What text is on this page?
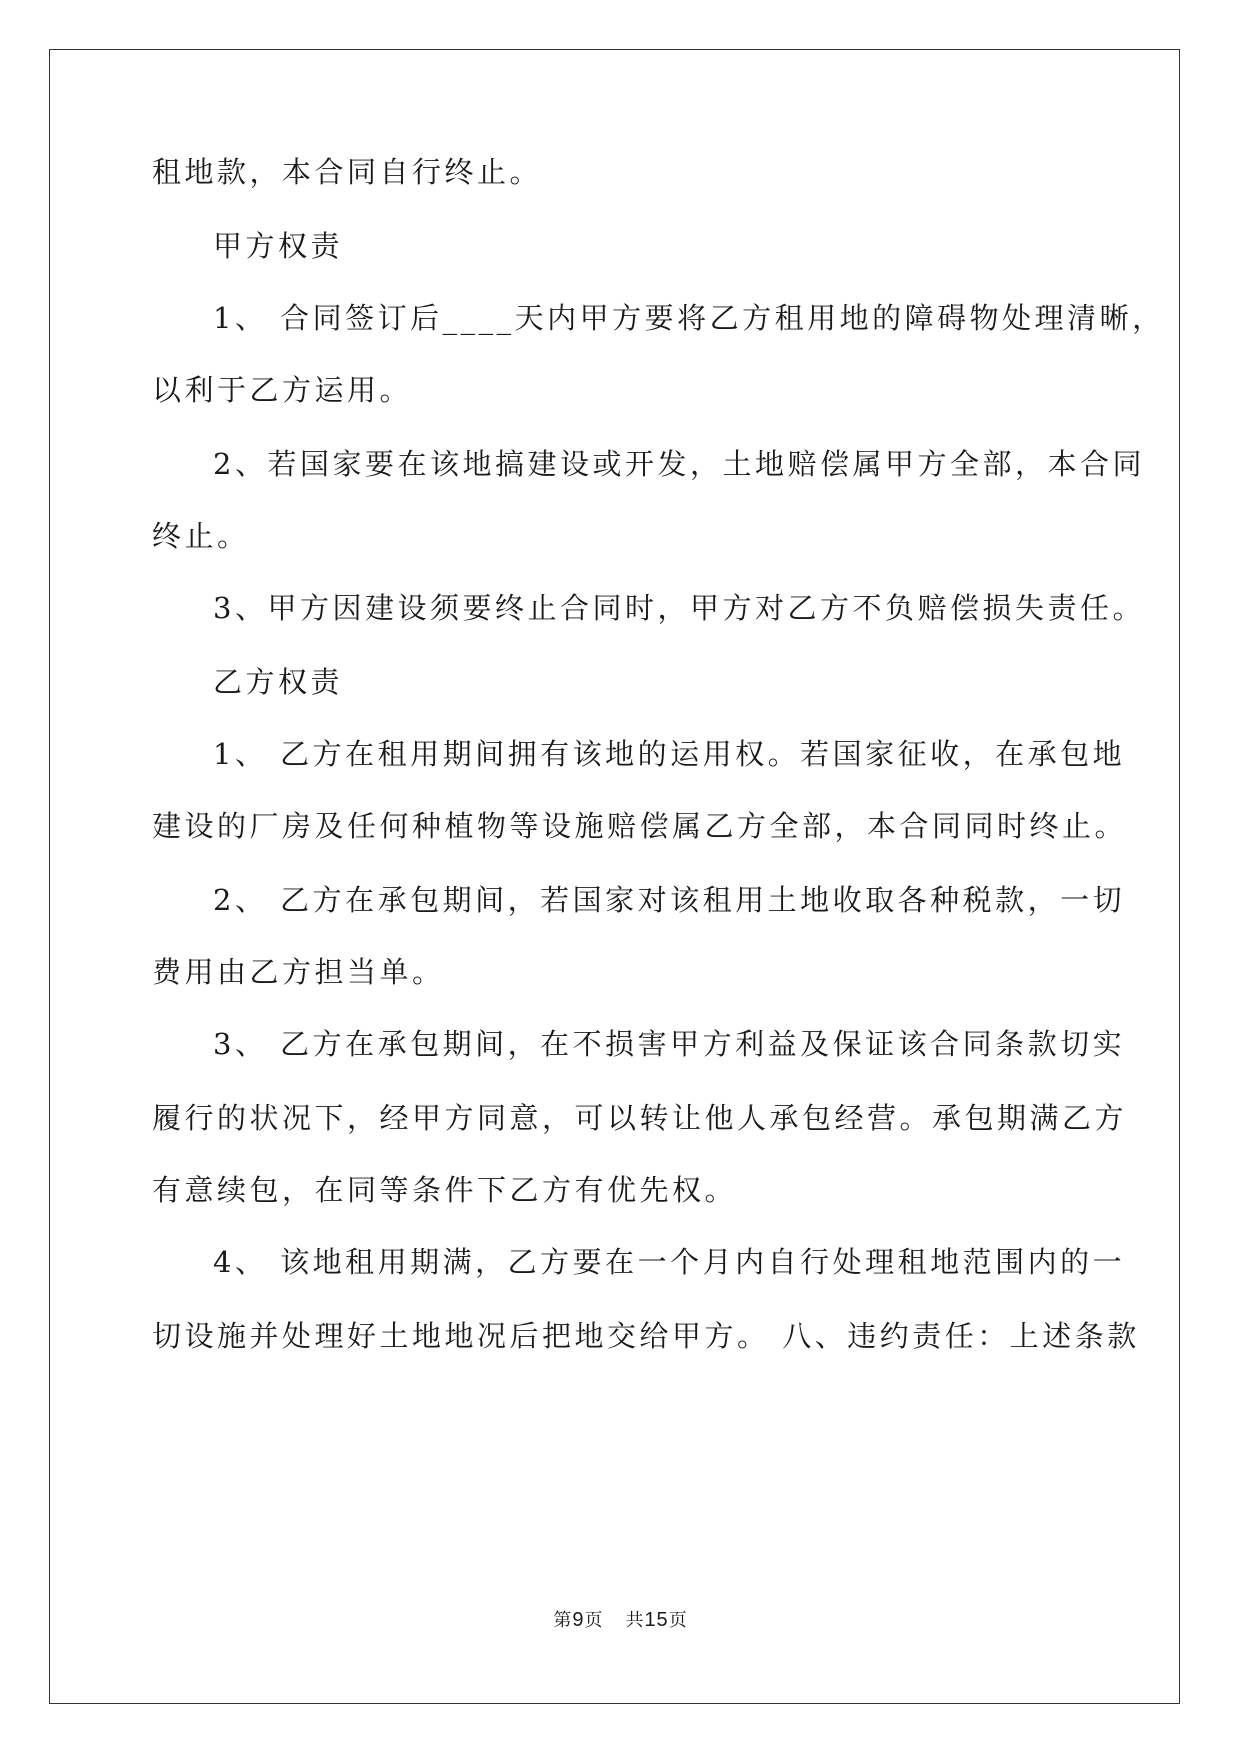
租地款，本合同自行终止。
甲方权责
1、 合同签订后____天内甲方要将乙方租用地的障碍物处理清晰，
以利于乙方运用。
2、若国家要在该地搞建设或开发，土地赔偿属甲方全部，本合同
终止。
3、甲方因建设须要终止合同时，甲方对乙方不负赔偿损失责任。
乙方权责
1、 乙方在租用期间拥有该地的运用权。若国家征收，在承包地
建设的厂房及任何种植物等设施赔偿属乙方全部，本合同同时终止。
2、 乙方在承包期间，若国家对该租用土地收取各种税款，一切
费用由乙方担当单。
3、 乙方在承包期间，在不损害甲方利益及保证该合同条款切实
履行的状况下，经甲方同意，可以转让他人承包经营。承包期满乙方
有意续包，在同等条件下乙方有优先权。
4、 该地租用期满，乙方要在一个月内自行处理租地范围内的一
切设施并处理好土地地况后把地交给甲方。 八、违约责任：上述条款
第9页 共15页
